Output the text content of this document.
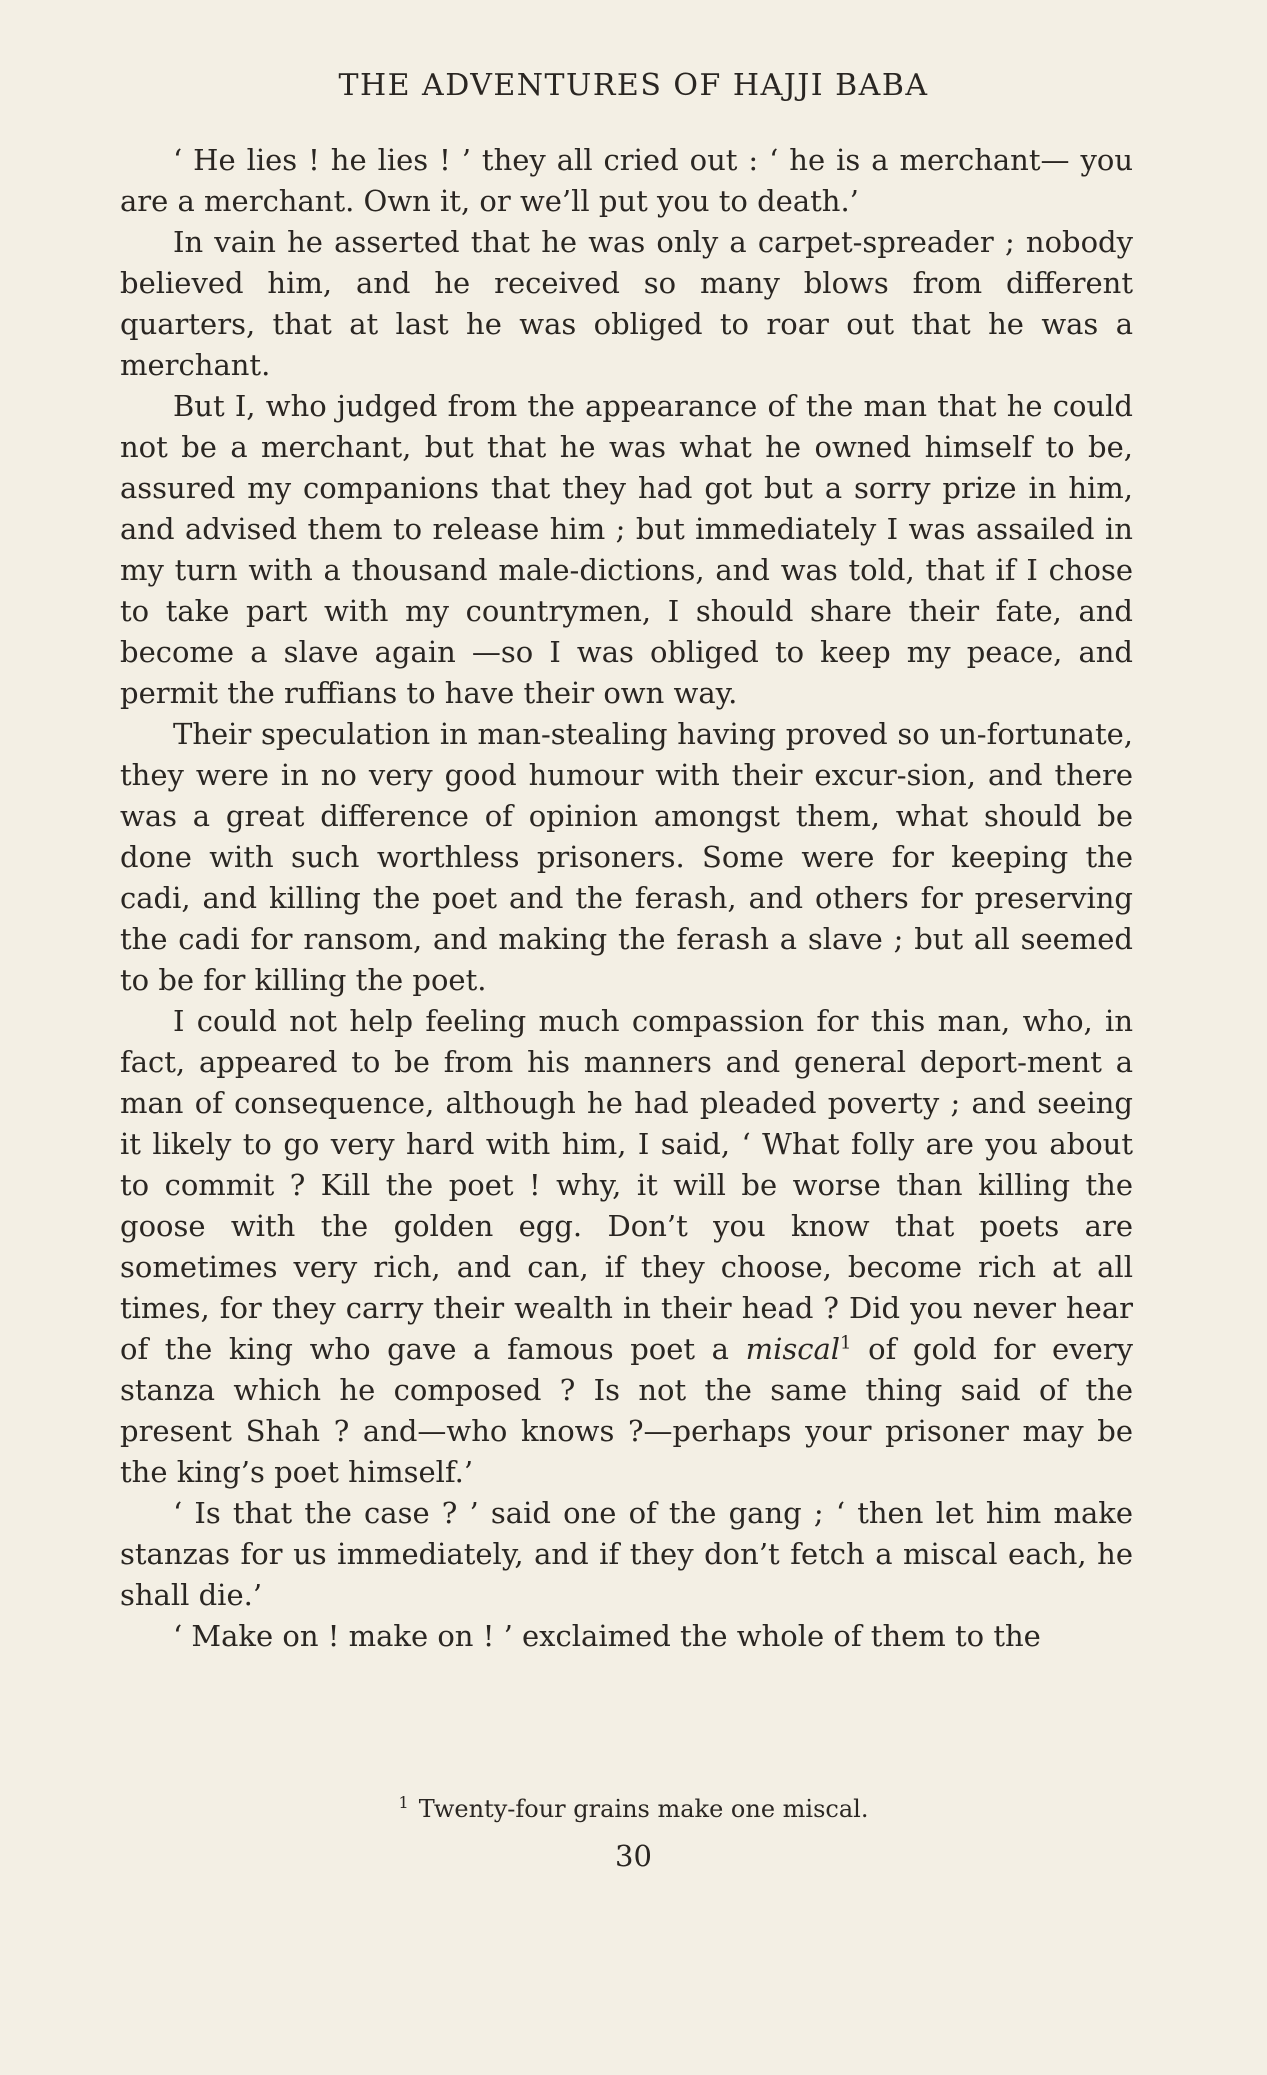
THE ADVENTURES OF HAJJI BABA

‘ He lies ! he lies ! ’ they all cried out : ‘ he is a merchant— you are a merchant. Own it, or we’ll put you to death.’

In vain he asserted that he was only a carpet-spreader ; nobody believed him, and he received so many blows from different quarters, that at last he was obliged to roar out that he was a merchant.

But I, who judged from the appearance of the man that he could not be a merchant, but that he was what he owned himself to be, assured my companions that they had got but a sorry prize in him, and advised them to release him ; but immediately I was assailed in my turn with a thousand male-dictions, and was told, that if I chose to take part with my countrymen, I should share their fate, and become a slave again —so I was obliged to keep my peace, and permit the ruffians to have their own way.

Their speculation in man-stealing having proved so un-fortunate, they were in no very good humour with their excur-sion, and there was a great difference of opinion amongst them, what should be done with such worthless prisoners. Some were for keeping the cadi, and killing the poet and the ferash, and others for preserving the cadi for ransom, and making the ferash a slave ; but all seemed to be for killing the poet.

I could not help feeling much compassion for this man, who, in fact, appeared to be from his manners and general deport-ment a man of consequence, although he had pleaded poverty ; and seeing it likely to go very hard with him, I said, ‘ What folly are you about to commit ? Kill the poet ! why, it will be worse than killing the goose with the golden egg. Don’t you know that poets are sometimes very rich, and can, if they choose, become rich at all times, for they carry their wealth in their head ? Did you never hear of the king who gave a famous poet a miscal$^1$ of gold for every stanza which he composed ? Is not the same thing said of the present Shah ? and—who knows ?—perhaps your prisoner may be the king’s poet himself.’

‘ Is that the case ? ’ said one of the gang ; ‘ then let him make stanzas for us immediately, and if they don’t fetch a miscal each, he shall die.’

‘ Make on ! make on ! ’ exclaimed the whole of them to the

$^1$ Twenty-four grains make one miscal.
30
